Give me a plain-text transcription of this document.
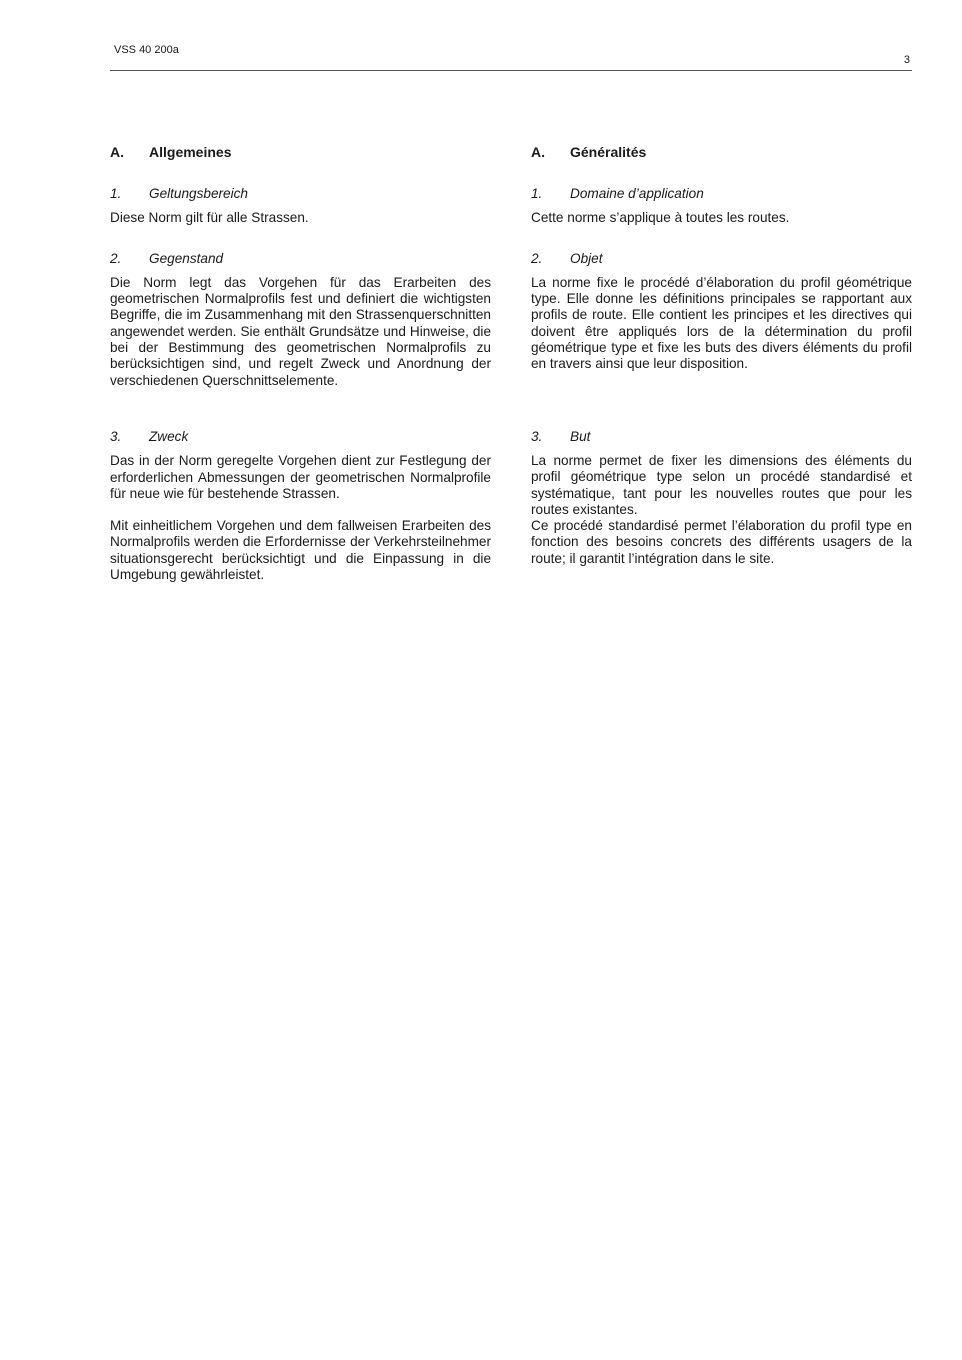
VSS 40 200a
3
A. Allgemeines
1. Geltungsbereich

Diese Norm gilt für alle Strassen.

2. Gegenstand

Die Norm legt das Vorgehen für das Erarbeiten des geometrischen Normalprofils fest und definiert die wichtigsten Begriffe, die im Zusammenhang mit den Strassenquerschnitten angewendet werden. Sie enthält Grundsätze und Hinweise, die bei der Bestimmung des geometrischen Normalprofils zu berücksichtigen sind, und regelt Zweck und Anordnung der verschiedenen Querschnittselemente.

3. Zweck

Das in der Norm geregelte Vorgehen dient zur Festlegung der erforderlichen Abmessungen der geometrischen Normalprofile für neue wie für bestehende Strassen.

Mit einheitlichem Vorgehen und dem fallweisen Erarbeiten des Normalprofils werden die Erfordernisse der Verkehrsteilnehmer situationsgerecht berücksichtigt und die Einpassung in die Umgebung gewährleistet.

A. Généralités
1. Domaine d’application

Cette norme s’applique à toutes les routes.

2. Objet

La norme fixe le procédé d’élaboration du profil géométrique type. Elle donne les définitions principales se rapportant aux profils de route. Elle contient les principes et les directives qui doivent être appliqués lors de la détermination du profil géométrique type et fixe les buts des divers éléments du profil en travers ainsi que leur disposition.

3. But

La norme permet de fixer les dimensions des éléments du profil géométrique type selon un procédé standardisé et systématique, tant pour les nouvelles routes que pour les routes existantes.

Ce procédé standardisé permet l’élaboration du profil type en fonction des besoins concrets des différents usagers de la route; il garantit l’intégration dans le site.
